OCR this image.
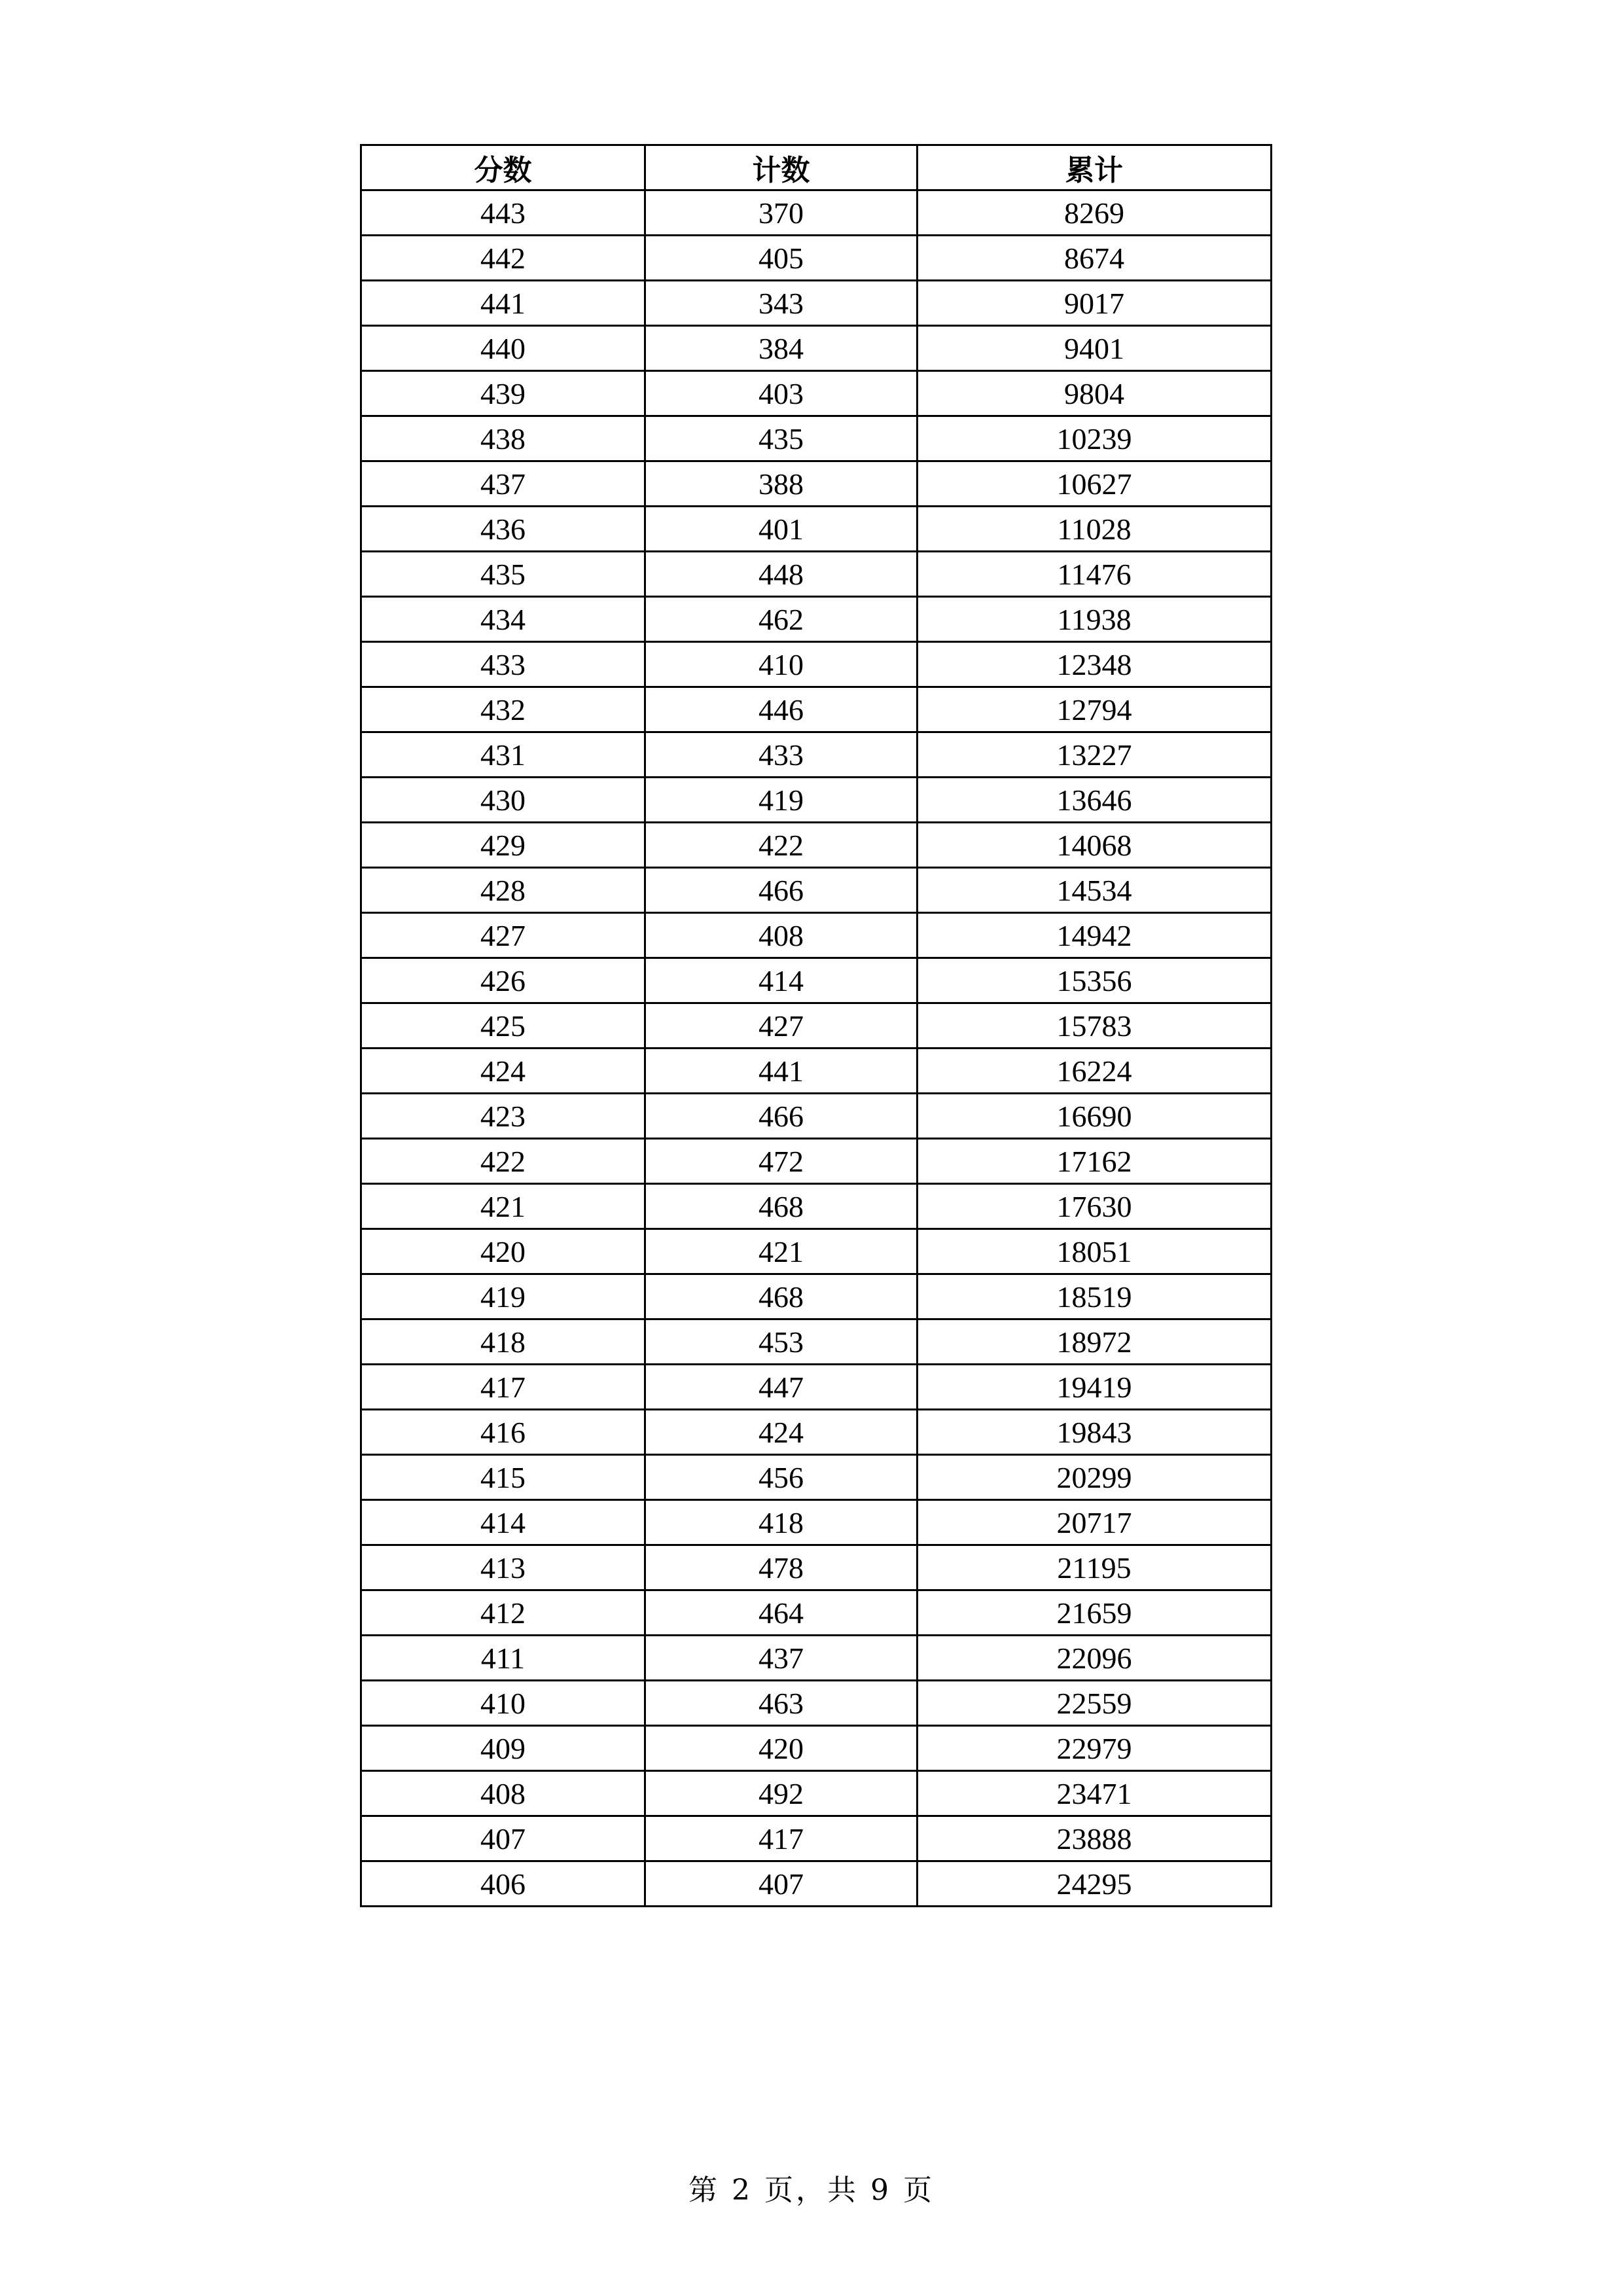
分数	计数	累计
443	370	8269
442	405	8674
441	343	9017
440	384	9401
439	403	9804
438	435	10239
437	388	10627
436	401	11028
435	448	11476
434	462	11938
433	410	12348
432	446	12794
431	433	13227
430	419	13646
429	422	14068
428	466	14534
427	408	14942
426	414	15356
425	427	15783
424	441	16224
423	466	16690
422	472	17162
421	468	17630
420	421	18051
419	468	18519
418	453	18972
417	447	19419
416	424	19843
415	456	20299
414	418	20717
413	478	21195
412	464	21659
411	437	22096
410	463	22559
409	420	22979
408	492	23471
407	417	23888
406	407	24295
第 2 页，共 9 页
